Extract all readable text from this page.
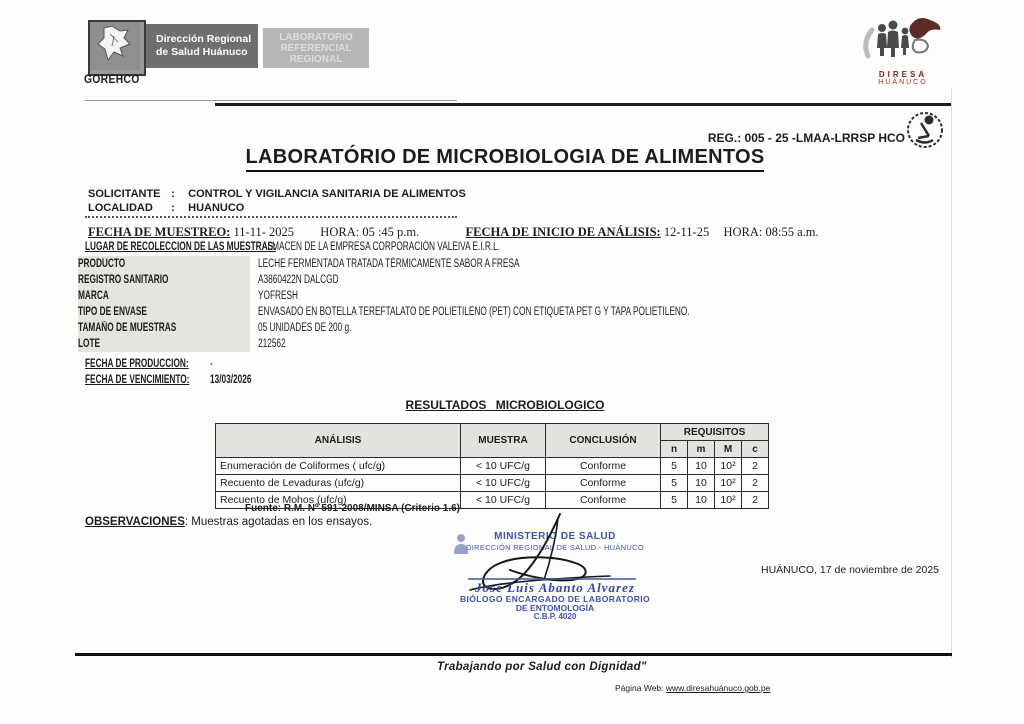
GOREHCO
Dirección Regional
de Salud Huánuco
LABORATORIO
REFERENCIAL
REGIONAL
DIRESA
HUÁNUCO
REG.: 005 - 25 -LMAA-LRRSP HCO
LABORATÓRIO DE MICROBIOLOGIA DE ALIMENTOS
SOLICITANTE : CONTROL Y VIGILANCIA SANITARIA DE ALIMENTOS
LOCALIDAD : HUANUCO
FECHA DE MUESTREO: 11-11- 2025 HORA: 05 :45 p.m.	FECHA DE INICIO DE ANÁLISIS: 12-11-25 HORA: 08:55 a.m.
LUGAR DE RECOLECCION DE LAS MUESTRAS:ALMACEN DE LA EMPRESA CORPORACIÓN VALEIVA E.I.R.L.
PRODUCTO	LECHE FERMENTADA TRATADA TÉRMICAMENTE SABOR A FRESA
REGISTRO SANITARIO	A3860422N DALCGD
MARCA	YOFRESH
TIPO DE ENVASE	ENVASADO EN BOTELLA TEREFTALATO DE POLIETILENO (PET) CON ETIQUETA PET G Y TAPA POLIETILENO.
TAMAÑO DE MUESTRAS	05 UNIDADES DE 200 g.
LOTE	212562
FECHA DE PRODUCCION: -
FECHA DE VENCIMIENTO: 13/03/2026
RESULTADOS MICROBIOLOGICO
ANÁLISIS	MUESTRA	CONCLUSIÓN	REQUISITOS			
			n	m	M	c
Enumeración de Coliformes ( ufc/g)	< 10 UFC/g	Conforme	5	10	10²	2
Recuento de Levaduras (ufc/g)	< 10 UFC/g	Conforme	5	10	10²	2
Recuento de Mohos (ufc/g)	< 10 UFC/g	Conforme	5	10	10²	2
Fuente: R.M. Nº 591-2008/MINSA (Criterio 1.6)
OBSERVACIONES: Muestras agotadas en los ensayos.
MINISTERIO DE SALUD
DIRECCIÓN REGIONAL DE SALUD - HUÁNUCO
José Luis Abanto Alvarez
BIÓLOGO ENCARGADO DE LABORATORIO
DE ENTOMOLOGÍA
C.B.P. 4020
HUÁNUCO, 17 de noviembre de 2025
Trabajando por Salud con Dignidad"
Página Web: www.diresahuánuco.gob.pe
